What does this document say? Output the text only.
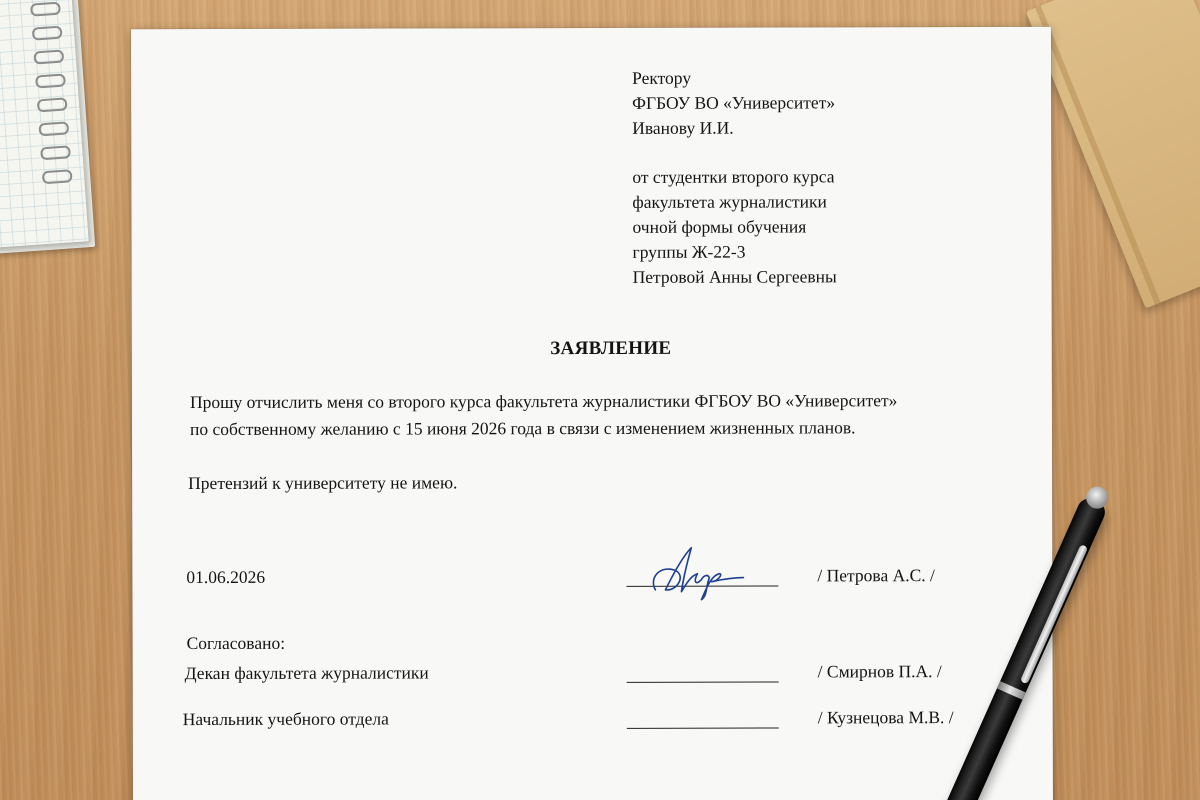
Ректору
ФГБОУ ВО «Университет»
Иванову И.И.
от студентки второго курса
факультета журналистики
очной формы обучения
группы Ж-22-3
Петровой Анны Сергеевны
ЗАЯВЛЕНИЕ
Прошу отчислить меня со второго курса факультета журналистики ФГБОУ ВО «Университет»
по собственному желанию с 15 июня 2026 года в связи с изменением жизненных планов.
Претензий к университету не имею.
01.06.2026	/ Петрова А.С. /
Согласовано:
Декан факультета журналистики	/ Смирнов П.А. /
Начальник учебного отдела	/ Кузнецова М.В. /
